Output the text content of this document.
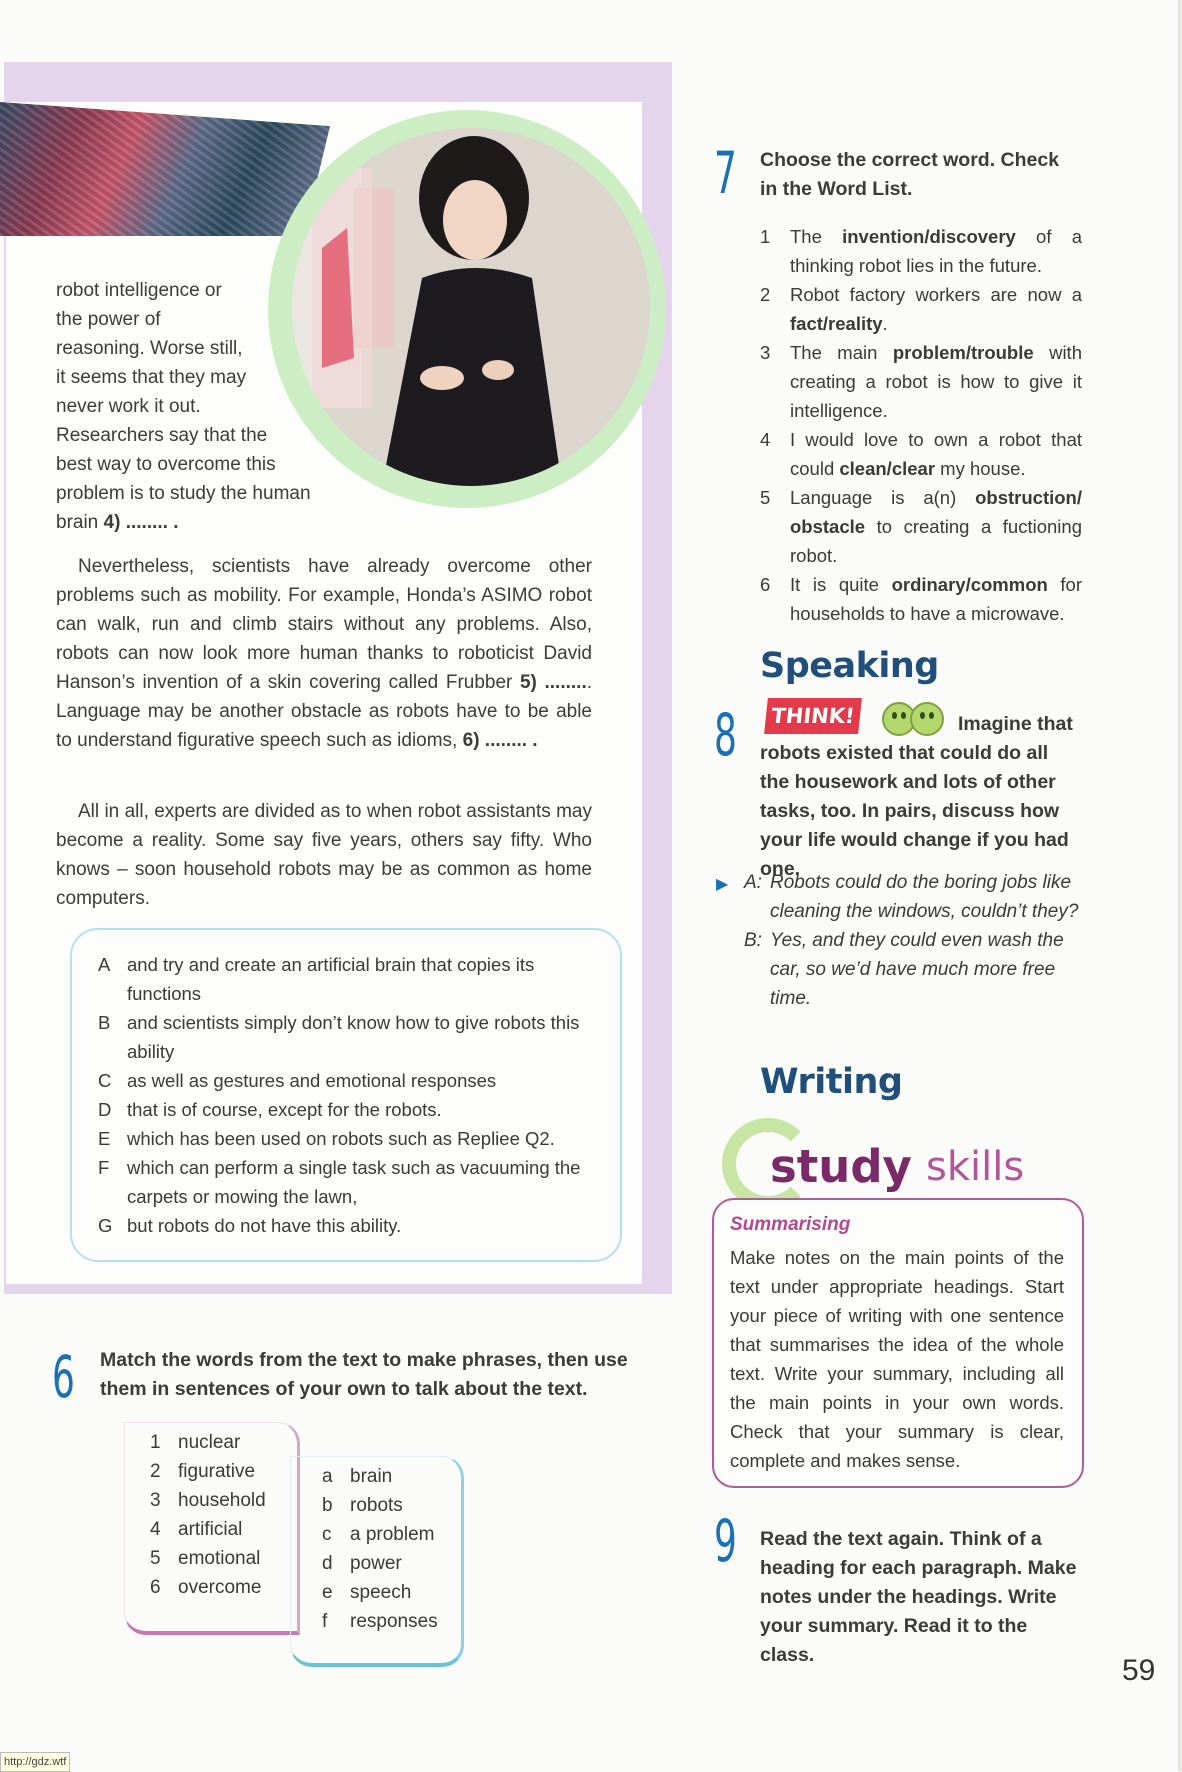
robot intelligence or

the power of

reasoning. Worse still,

it seems that they may

never work it out.

Researchers say that the

best way to overcome this

problem is to study the human

brain 4) ........ .

Nevertheless, scientists have already overcome other problems such as mobility. For example, Honda’s ASIMO robot can walk, run and climb stairs without any problems. Also, robots can now look more human thanks to roboticist David Hanson’s invention of a skin covering called Frubber 5) ......... Language may be another obstacle as robots have to be able to understand figurative speech such as idioms, 6) ........ .

All in all, experts are divided as to when robot assistants may become a reality. Some say five years, others say fifty. Who knows – soon household robots may be as common as home computers.

A and try and create an artificial brain that copies its functions
B and scientists simply don’t know how to give robots this ability
C as well as gestures and emotional responses
D that is of course, except for the robots.
E which has been used on robots such as Repliee Q2.
F which can perform a single task such as vacuuming the carpets or mowing the lawn,
G but robots do not have this ability.
6 Match the words from the text to make phrases, then use them in sentences of your own to talk about the text.
1 nuclear
2 figurative
3 household
4 artificial
5 emotional
6 overcome
a brain
b robots
c a problem
d power
e speech
f	responses
7 Choose the correct word. Check in the Word List.
1	The invention/discovery of a thinking robot lies in the future.
2	Robot factory workers are now a fact/reality.
3	The main problem/trouble with creating a robot is how to give it intelligence.
4	I would love to own a robot that could clean/clear my house.
5	Language is a(n) obstruction/ obstacle to creating a fuctioning robot.
6	It is quite ordinary/common for households to have a microwave.
Speaking
8 THINK!	Imagine that
robots existed that could do all the housework and lots of other tasks, too. In pairs, discuss how your life would change if you had one.
▶ A: Robots could do the boring jobs like cleaning the windows, couldn’t they?
B: Yes, and they could even wash the car, so we’d have much more free time.
Writing
study skills
Summarising
Make notes on the main points of the text under appropriate headings. Start your piece of writing with one sentence that summarises the idea of the whole text. Write your summary, including all the main points in your own words. Check that your summary is clear, complete and makes sense.
9 Read the text again. Think of a heading for each paragraph. Make notes under the headings. Write your summary. Read it to the class.	59
http://gdz.wtf
